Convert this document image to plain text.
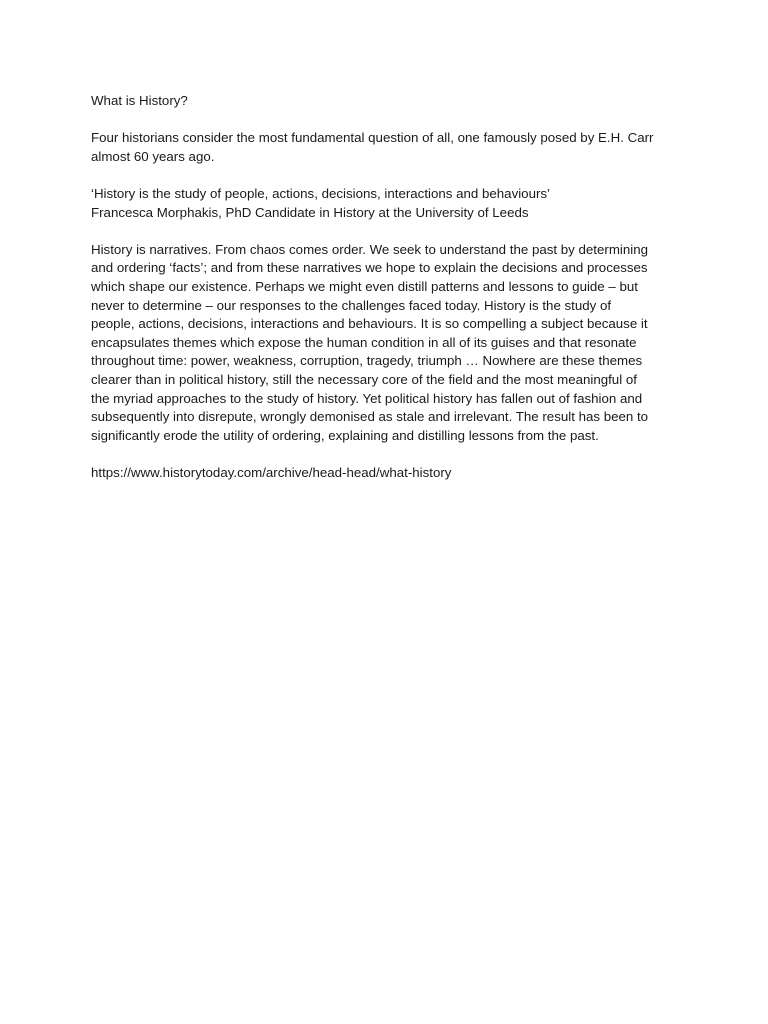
What is History?

Four historians consider the most fundamental question of all, one famously posed by E.H. Carr
almost 60 years ago.
‘History is the study of people, actions, decisions, interactions and behaviours’
Francesca Morphakis, PhD Candidate in History at the University of Leeds
History is narratives. From chaos comes order. We seek to understand the past by determining
and ordering ‘facts’; and from these narratives we hope to explain the decisions and processes
which shape our existence. Perhaps we might even distill patterns and lessons to guide – but
never to determine – our responses to the challenges faced today. History is the study of
people, actions, decisions, interactions and behaviours. It is so compelling a subject because it
encapsulates themes which expose the human condition in all of its guises and that resonate
throughout time: power, weakness, corruption, tragedy, triumph … Nowhere are these themes
clearer than in political history, still the necessary core of the field and the most meaningful of
the myriad approaches to the study of history. Yet political history has fallen out of fashion and
subsequently into disrepute, wrongly demonised as stale and irrelevant. The result has been to
significantly erode the utility of ordering, explaining and distilling lessons from the past.

https://www.historytoday.com/archive/head-head/what-history
